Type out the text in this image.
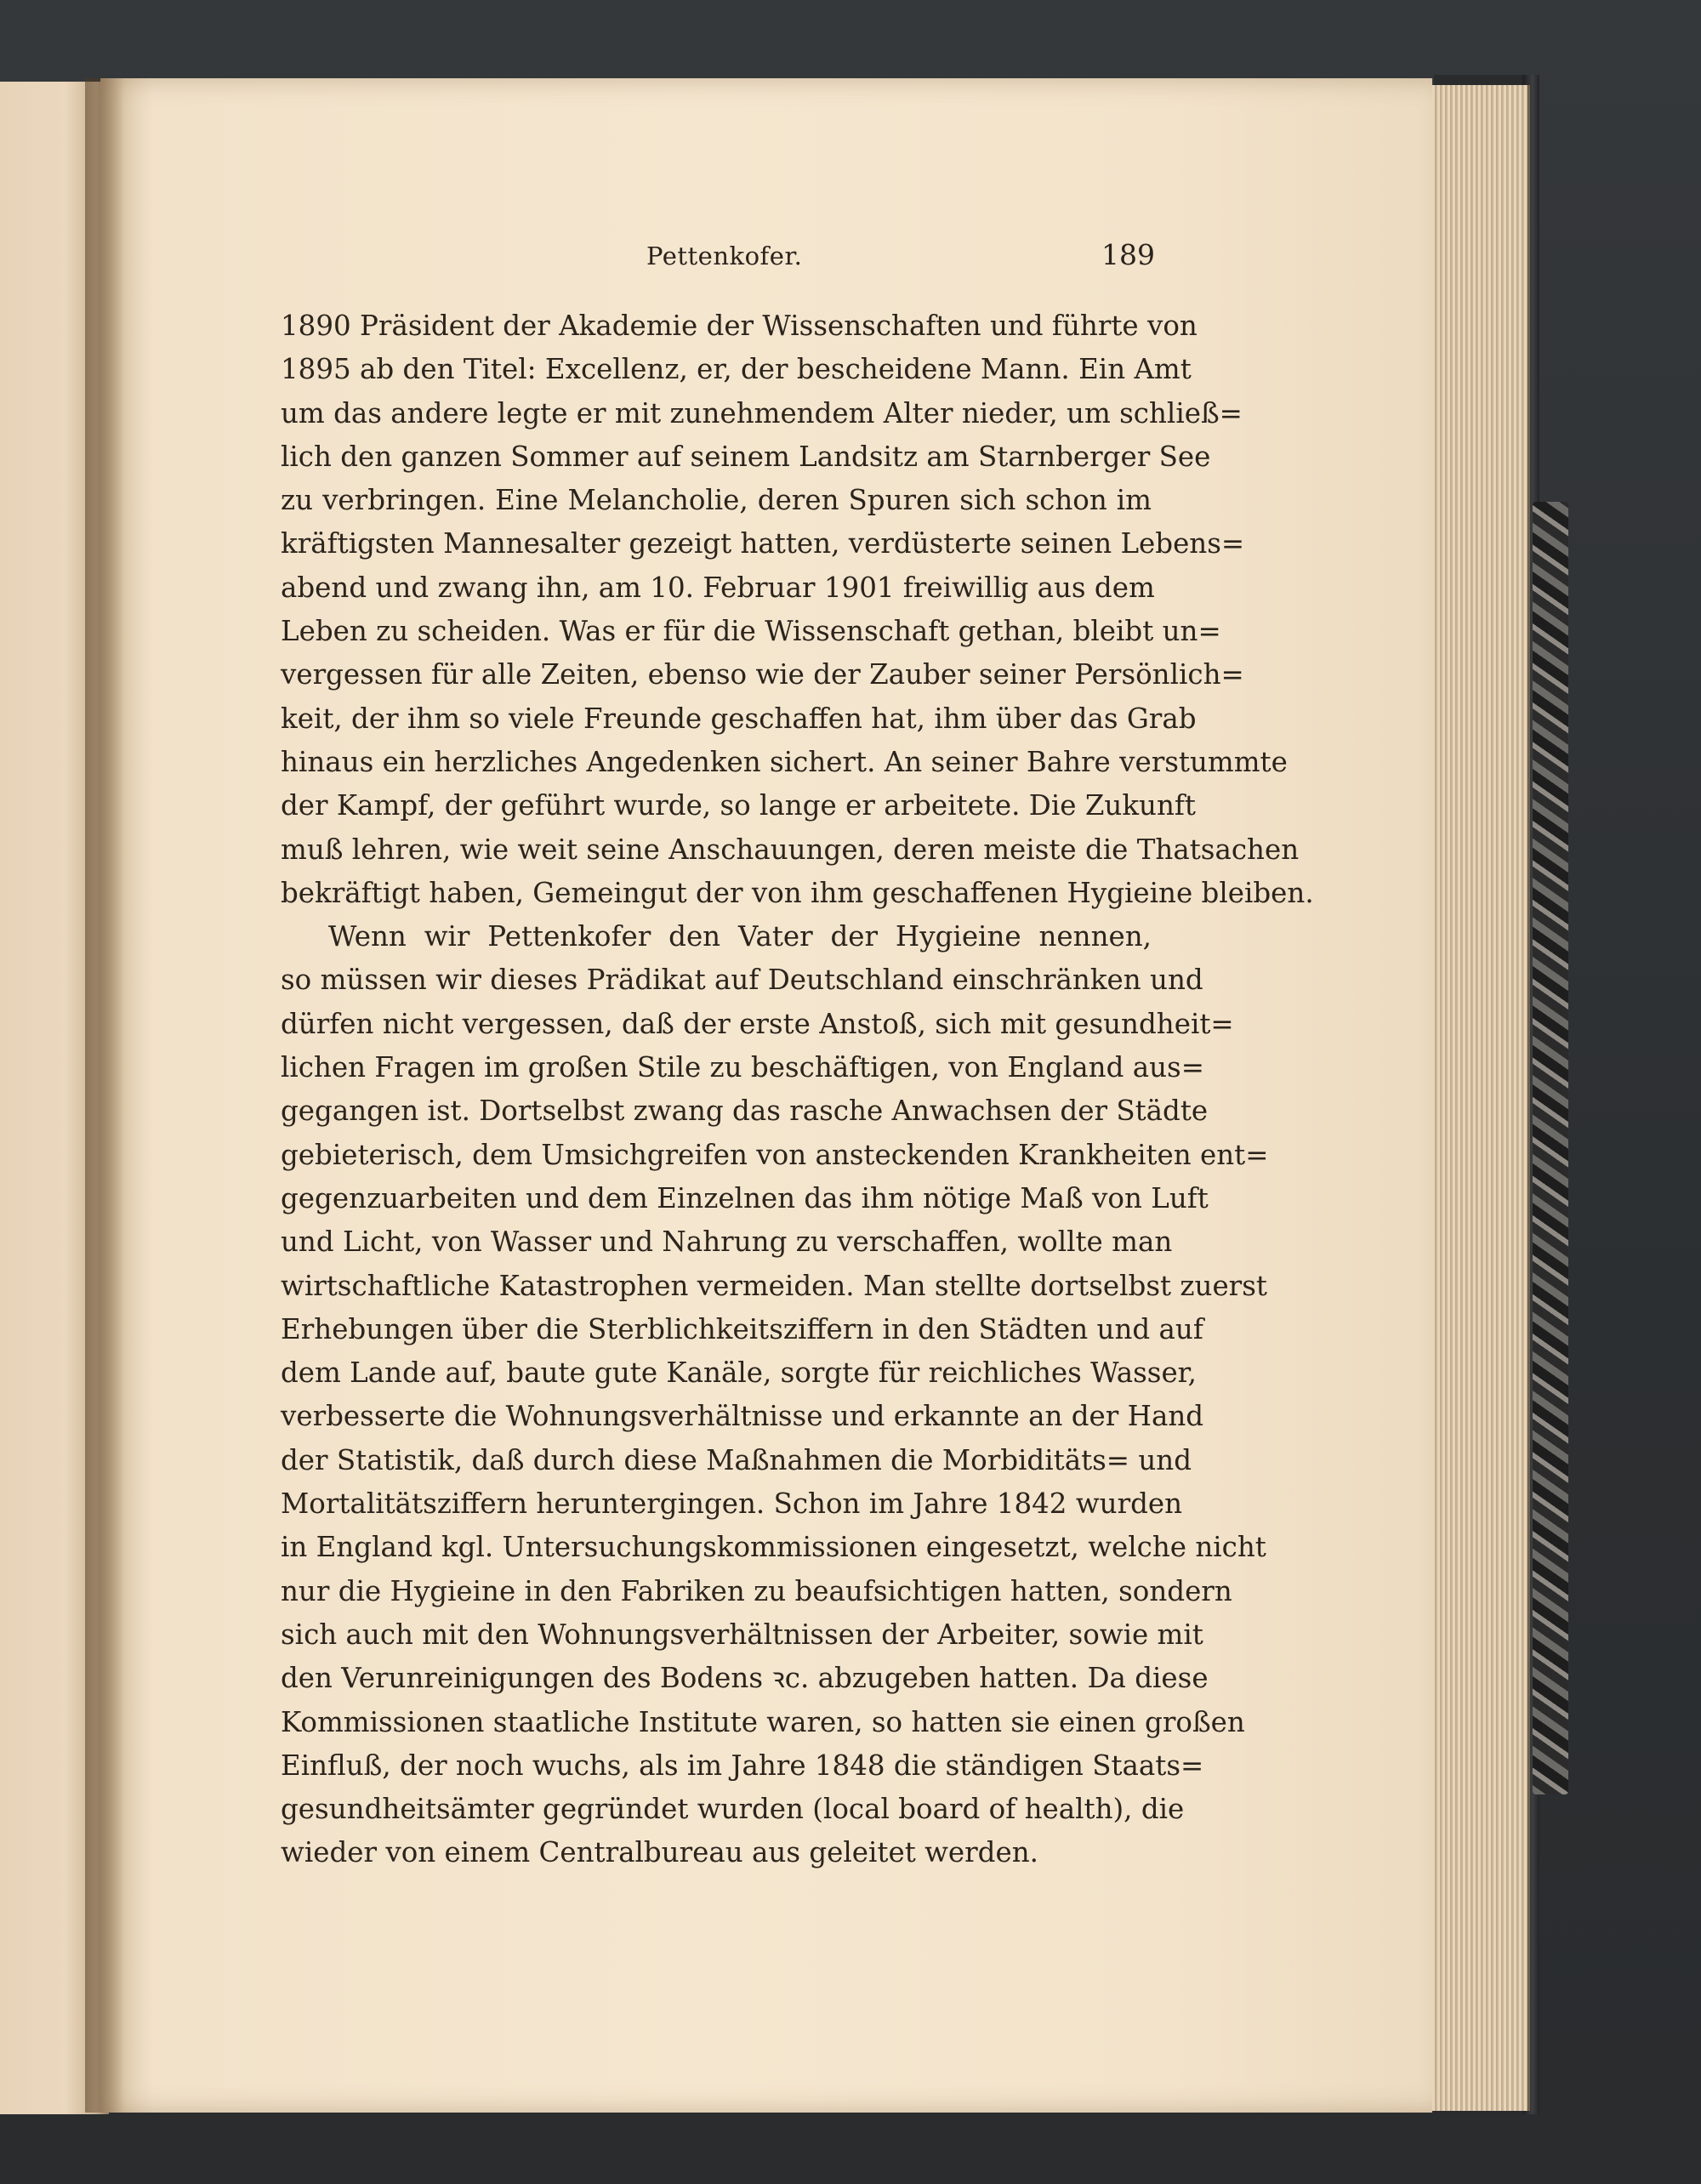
Pettenkofer.	189
1890 Präsident der Akademie der Wissenschaften und führte von
1895 ab den Titel: Excellenz, er, der bescheidene Mann. Ein Amt
um das andere legte er mit zunehmendem Alter nieder, um schließ=
lich den ganzen Sommer auf seinem Landsitz am Starnberger See
zu verbringen. Eine Melancholie, deren Spuren sich schon im
kräftigsten Mannesalter gezeigt hatten, verdüsterte seinen Lebens=
abend und zwang ihn, am 10. Februar 1901 freiwillig aus dem
Leben zu scheiden. Was er für die Wissenschaft gethan, bleibt un=
vergessen für alle Zeiten, ebenso wie der Zauber seiner Persönlich=
keit, der ihm so viele Freunde geschaffen hat, ihm über das Grab
hinaus ein herzliches Angedenken sichert. An seiner Bahre verstummte
der Kampf, der geführt wurde, so lange er arbeitete. Die Zukunft
muß lehren, wie weit seine Anschauungen, deren meiste die Thatsachen
bekräftigt haben, Gemeingut der von ihm geschaffenen Hygieine bleiben.
Wenn wir Pettenkofer den Vater der Hygieine nennen,
so müssen wir dieses Prädikat auf Deutschland einschränken und
dürfen nicht vergessen, daß der erste Anstoß, sich mit gesundheit=
lichen Fragen im großen Stile zu beschäftigen, von England aus=
gegangen ist. Dortselbst zwang das rasche Anwachsen der Städte
gebieterisch, dem Umsichgreifen von ansteckenden Krankheiten ent=
gegenzuarbeiten und dem Einzelnen das ihm nötige Maß von Luft
und Licht, von Wasser und Nahrung zu verschaffen, wollte man
wirtschaftliche Katastrophen vermeiden. Man stellte dortselbst zuerst
Erhebungen über die Sterblichkeitsziffern in den Städten und auf
dem Lande auf, baute gute Kanäle, sorgte für reichliches Wasser,
verbesserte die Wohnungsverhältnisse und erkannte an der Hand
der Statistik, daß durch diese Maßnahmen die Morbiditäts= und
Mortalitätsziffern heruntergingen. Schon im Jahre 1842 wurden
in England kgl. Untersuchungskommissionen eingesetzt, welche nicht
nur die Hygieine in den Fabriken zu beaufsichtigen hatten, sondern
sich auch mit den Wohnungsverhältnissen der Arbeiter, sowie mit
den Verunreinigungen des Bodens ꝛc. abzugeben hatten. Da diese
Kommissionen staatliche Institute waren, so hatten sie einen großen
Einfluß, der noch wuchs, als im Jahre 1848 die ständigen Staats=
gesundheitsämter gegründet wurden (local board of health), die
wieder von einem Centralbureau aus geleitet werden.
